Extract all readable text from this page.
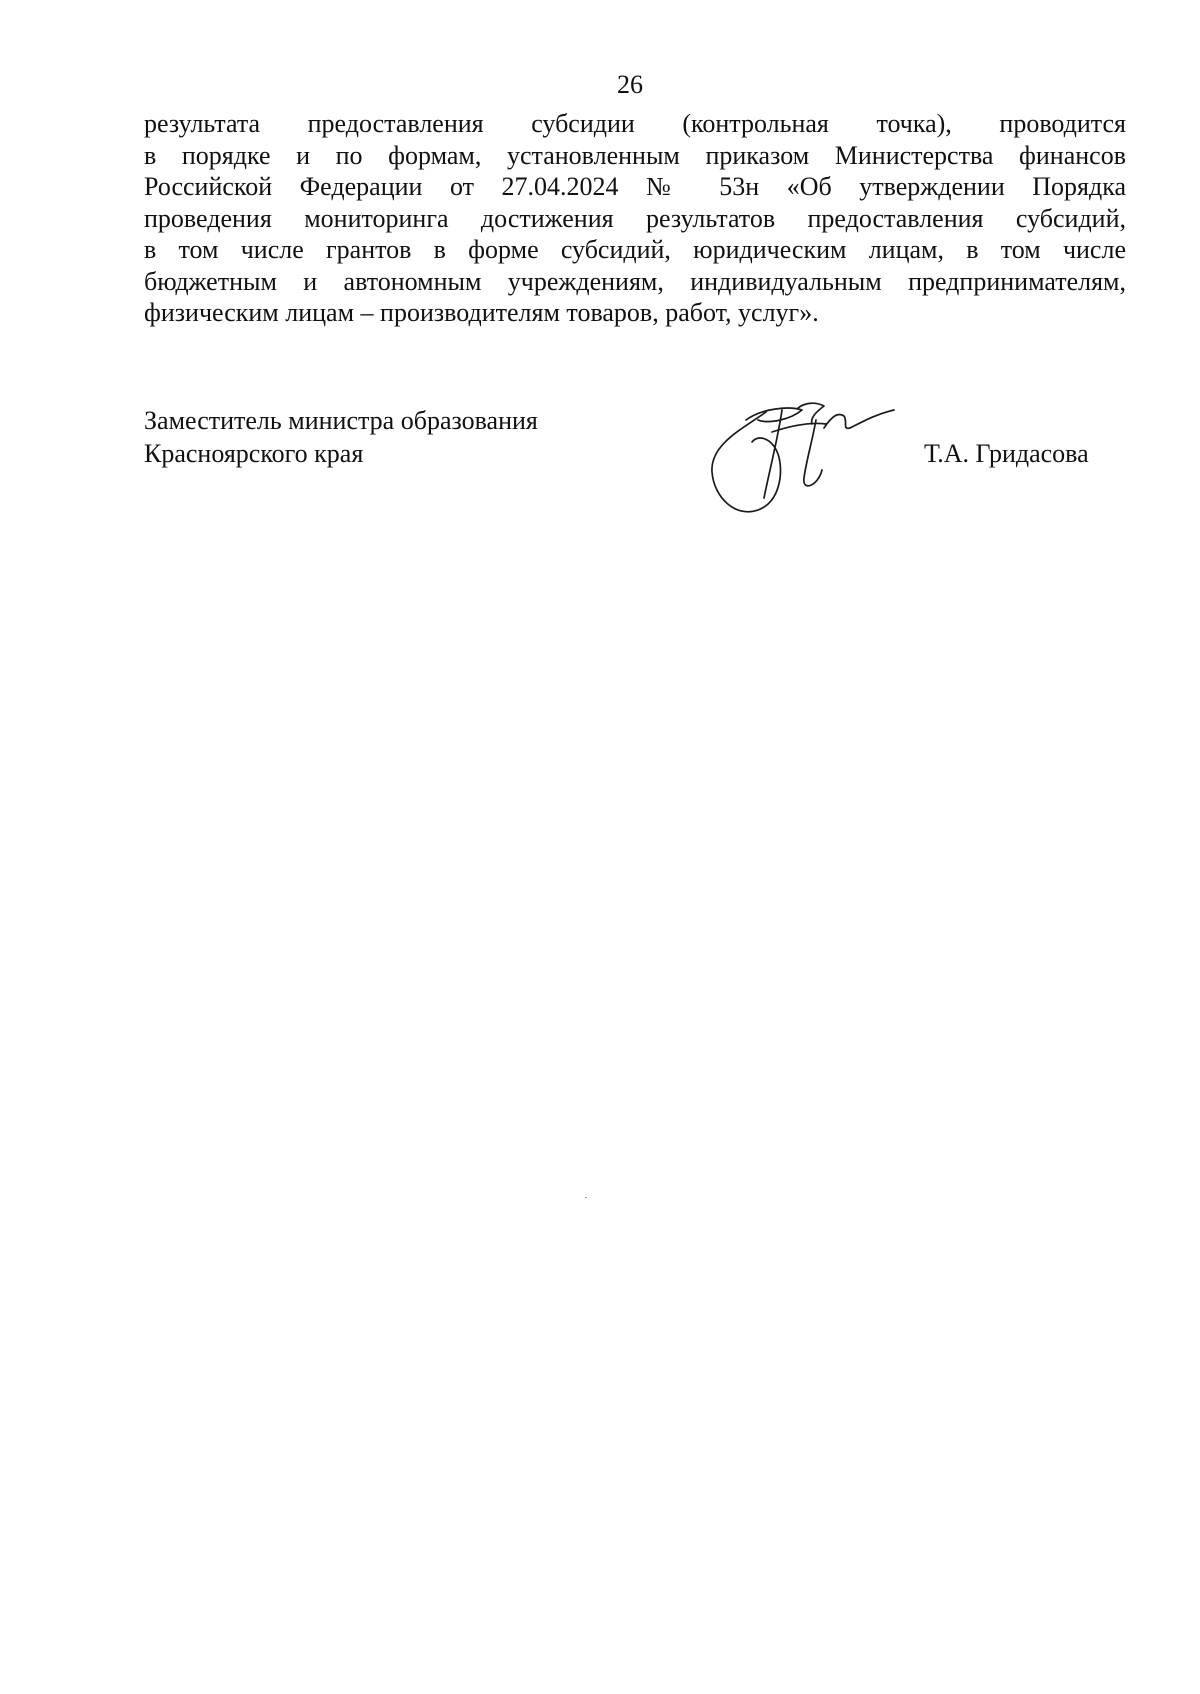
26
результата предоставления субсидии (контрольная точка), проводится
в порядке и по формам, установленным приказом Министерства финансов
Российской Федерации от 27.04.2024 № 53н «Об утверждении Порядка
проведения мониторинга достижения результатов предоставления субсидий,
в том числе грантов в форме субсидий, юридическим лицам, в том числе
бюджетным и автономным учреждениям, индивидуальным предпринимателям,
физическим лицам – производителям товаров, работ, услуг».
Заместитель министра образования
Красноярского края	Т.А. Гридасова
